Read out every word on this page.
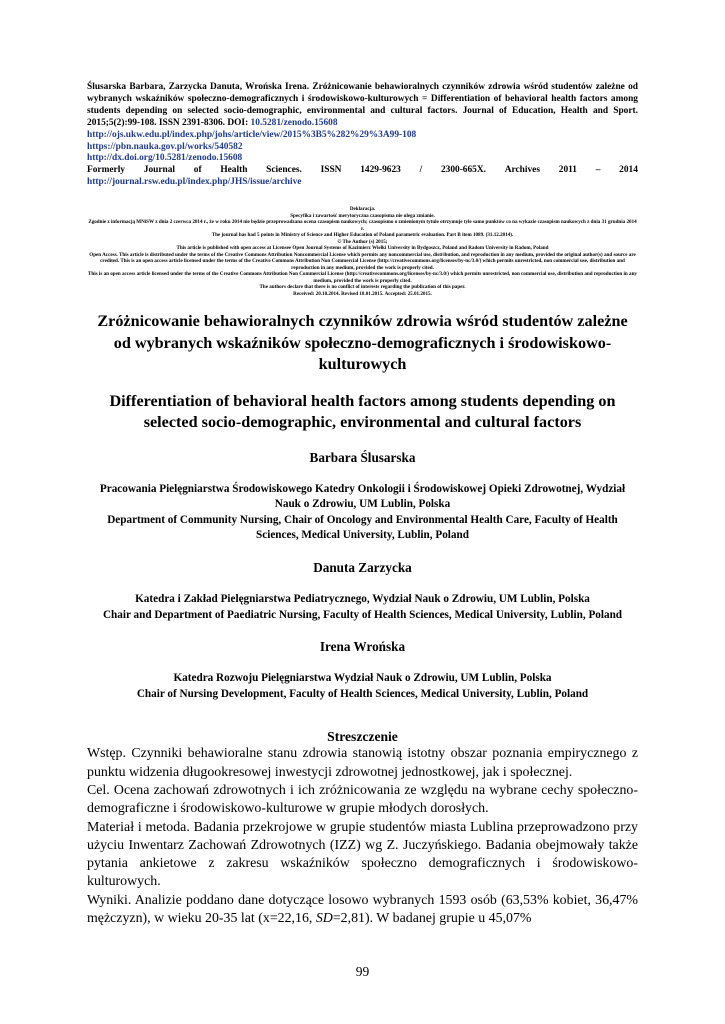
Ślusarska Barbara, Zarzycka Danuta, Wrońska Irena. Zróżnicowanie behawioralnych czynników zdrowia wśród studentów zależne od wybranych wskaźników społeczno-demograficznych i środowiskowo-kulturowych = Differentiation of behavioral health factors among students depending on selected socio-demographic, environmental and cultural factors. Journal of Education, Health and Sport. 2015;5(2):99-108. ISSN 2391-8306. DOI: 10.5281/zenodo.15608
http://ojs.ukw.edu.pl/index.php/johs/article/view/2015%3B5%282%29%3A99-108
https://pbn.nauka.gov.pl/works/540582
http://dx.doi.org/10.5281/zenodo.15608
Formerly Journal of Health Sciences. ISSN 1429-9623 / 2300-665X. Archives 2011 – 2014
http://journal.rsw.edu.pl/index.php/JHS/issue/archive
Deklaracja.
Specyfika i zawartość merytoryczna czasopisma nie ulega zmianie.
Zgodnie z informacją MNiSW z dnia 2 czerwca 2014 r., że w roku 2014 nie będzie przeprowadzana ocena czasopism naukowych; czasopismo o zmienionym tytule otrzymuje tyle samo punktów co na wykazie czasopism naukowych z dnia 31 grudnia 2014 r.
The journal has had 5 points in Ministry of Science and Higher Education of Poland parametric evaluation. Part B item 1089. (31.12.2014).
© The Author (s) 2015;
This article is published with open access at Licensee Open Journal Systems of Kazimierz Wielki University in Bydgoszcz, Poland and Radom University in Radom, Poland
Open Access. This article is distributed under the terms of the Creative Commons Attribution Noncommercial License which permits any noncommercial use, distribution, and reproduction in any medium, provided the original author(s) and source are credited. This is an open access article licensed under the terms of the Creative Commons Attribution Non Commercial License (http://creativecommons.org/licenses/by-nc/3.0/) which permits unrestricted, non commercial use, distribution and reproduction in any medium, provided the work is properly cited.
This is an open access article licensed under the terms of the Creative Commons Attribution Non Commercial License (http://creativecommons.org/licenses/by-nc/3.0/) which permits unrestricted, non commercial use, distribution and reproduction in any medium, provided the work is properly cited.
The authors declare that there is no conflict of interests regarding the publication of this paper.
Received: 20.10.2014. Revised 18.01.2015. Accepted: 25.01.2015.
Zróżnicowanie behawioralnych czynników zdrowia wśród studentów zależne od wybranych wskaźników społeczno-demograficznych i środowiskowo-kulturowych
Differentiation of behavioral health factors among students depending on selected socio-demographic, environmental and cultural factors
Barbara Ślusarska
Pracowania Pielęgniarstwa Środowiskowego Katedry Onkologii i Środowiskowej Opieki Zdrowotnej, Wydział Nauk o Zdrowiu, UM Lublin, Polska
Department of Community Nursing, Chair of Oncology and Environmental Health Care, Faculty of Health Sciences, Medical University, Lublin, Poland
Danuta Zarzycka
Katedra i Zakład Pielęgniarstwa Pediatrycznego, Wydział Nauk o Zdrowiu, UM Lublin, Polska
Chair and Department of Paediatric Nursing, Faculty of Health Sciences, Medical University, Lublin, Poland
Irena Wrońska
Katedra Rozwoju Pielęgniarstwa Wydział Nauk o Zdrowiu, UM Lublin, Polska
Chair of Nursing Development, Faculty of Health Sciences, Medical University, Lublin, Poland
Streszczenie

Wstęp. Czynniki behawioralne stanu zdrowia stanowią istotny obszar poznania empirycznego z punktu widzenia długookresowej inwestycji zdrowotnej jednostkowej, jak i społecznej.

Cel. Ocena zachowań zdrowotnych i ich zróżnicowania ze względu na wybrane cechy społeczno-demograficzne i środowiskowo-kulturowe w grupie młodych dorosłych.

Materiał i metoda. Badania przekrojowe w grupie studentów miasta Lublina przeprowadzono przy użyciu Inwentarz Zachowań Zdrowotnych (IZZ) wg Z. Juczyńskiego. Badania obejmowały także pytania ankietowe z zakresu wskaźników społeczno demograficznych i środowiskowo-kulturowych.

Wyniki. Analizie poddano dane dotyczące losowo wybranych 1593 osób (63,53% kobiet, 36,47% mężczyzn), w wieku 20-35 lat (x=22,16, SD=2,81). W badanej grupie u 45,07%

99
